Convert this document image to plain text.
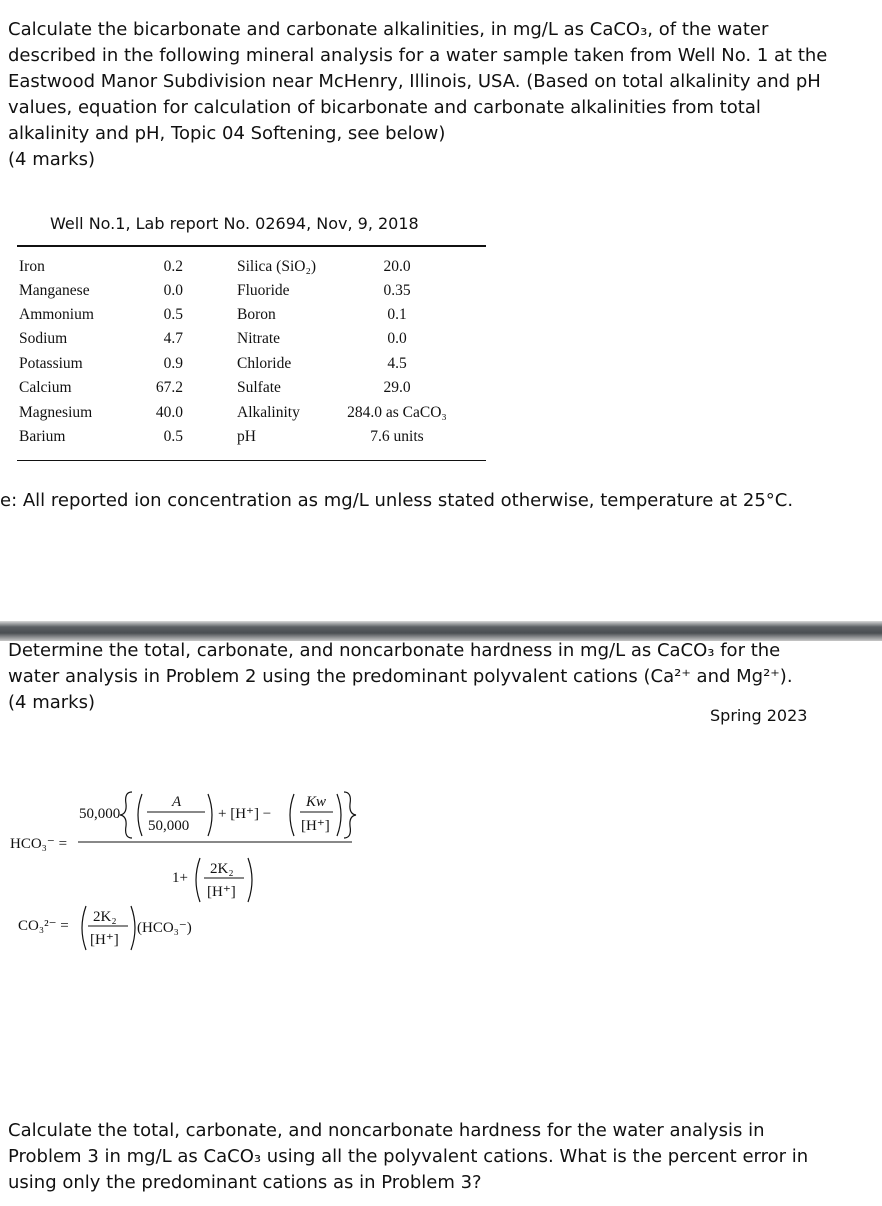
Calculate the bicarbonate and carbonate alkalinities, in mg/L as CaCO₃, of the water
described in the following mineral analysis for a water sample taken from Well No. 1 at the
Eastwood Manor Subdivision near McHenry, Illinois, USA. (Based on total alkalinity and pH
values, equation for calculation of bicarbonate and carbonate alkalinities from total
alkalinity and pH, Topic 04 Softening, see below)
(4 marks)
Well No.1, Lab report No. 02694, Nov, 9, 2018
Iron	0.2	Silica (SiO₂)	20.0
Manganese	0.0	Fluoride	0.35
Ammonium	0.5	Boron	0.1
Sodium	4.7	Nitrate	0.0
Potassium	0.9	Chloride	4.5
Calcium	67.2	Sulfate	29.0
Magnesium	40.0	Alkalinity	284.0 as CaCO₃
Barium	0.5	pH	7.6 units
e: All reported ion concentration as mg/L unless stated otherwise, temperature at 25°C.
Spring 2023
HCO₃⁻ =
50,000
A
50,000
+ [H⁺] −
Kw
[H⁺]
1+
2K₂
[H⁺]
CO₃²⁻ =
2K₂
[H⁺]
(HCO₃⁻)
Determine the total, carbonate, and noncarbonate hardness in mg/L as CaCO₃ for the
water analysis in Problem 2 using the predominant polyvalent cations (Ca²⁺ and Mg²⁺).
(4 marks)
Calculate the total, carbonate, and noncarbonate hardness for the water analysis in
Problem 3 in mg/L as CaCO₃ using all the polyvalent cations. What is the percent error in
using only the predominant cations as in Problem 3?
